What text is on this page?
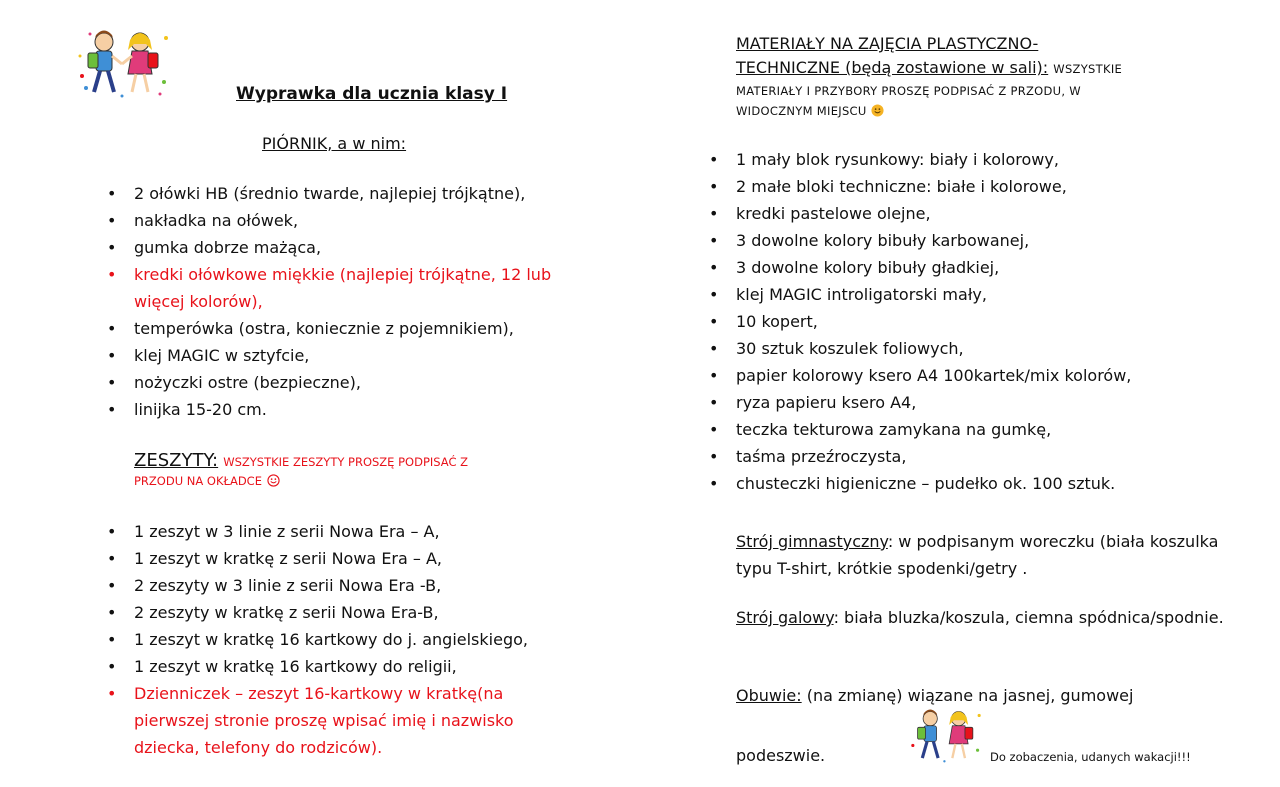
Wyprawka dla ucznia klasy I
PIÓRNIK, a w nim:
• 2 ołówki HB (średnio twarde, najlepiej trójkątne),
• nakładka na ołówek,
• gumka dobrze mażąca,
• kredki ołówkowe miękkie (najlepiej trójkątne, 12 lub
więcej kolorów),
• temperówka (ostra, koniecznie z pojemnikiem),
• klej MAGIC w sztyfcie,
• nożyczki ostre (bezpieczne),
• linijka 15-20 cm.
ZESZYTY: WSZYSTKIE ZESZYTY PROSZĘ PODPISAĆ Z
PRZODU NA OKŁADCE
• 1 zeszyt w 3 linie z serii Nowa Era – A,
• 1 zeszyt w kratkę z serii Nowa Era – A,
• 2 zeszyty w 3 linie z serii Nowa Era -B,
• 2 zeszyty w kratkę z serii Nowa Era-B,
• 1 zeszyt w kratkę 16 kartkowy do j. angielskiego,
• 1 zeszyt w kratkę 16 kartkowy do religii,
• Dzienniczek – zeszyt 16-kartkowy w kratkę(na
pierwszej stronie proszę wpisać imię i nazwisko
dziecka, telefony do rodziców).
MATERIAŁY NA ZAJĘCIA PLASTYCZNO-
TECHNICZNE (będą zostawione w sali): WSZYSTKIE
MATERIAŁY I PRZYBORY PROSZĘ PODPISAĆ Z PRZODU, W
WIDOCZNYM MIEJSCU
• 1 mały blok rysunkowy: biały i kolorowy,
• 2 małe bloki techniczne: białe i kolorowe,
• kredki pastelowe olejne,
• 3 dowolne kolory bibuły karbowanej,
• 3 dowolne kolory bibuły gładkiej,
• klej MAGIC introligatorski mały,
• 10 kopert,
• 30 sztuk koszulek foliowych,
• papier kolorowy ksero A4 100kartek/mix kolorów,
• ryza papieru ksero A4,
• teczka tekturowa zamykana na gumkę,
• taśma przeźroczysta,
• chusteczki higieniczne – pudełko ok. 100 sztuk.
Strój gimnastyczny: w podpisanym woreczku (biała koszulka typu T-shirt, krótkie spodenki/getry .
Strój galowy: biała bluzka/koszula, ciemna spódnica/spodnie.
Obuwie: (na zmianę) wiązane na jasnej, gumowej
podeszwie.	Do zobaczenia, udanych wakacji!!!
